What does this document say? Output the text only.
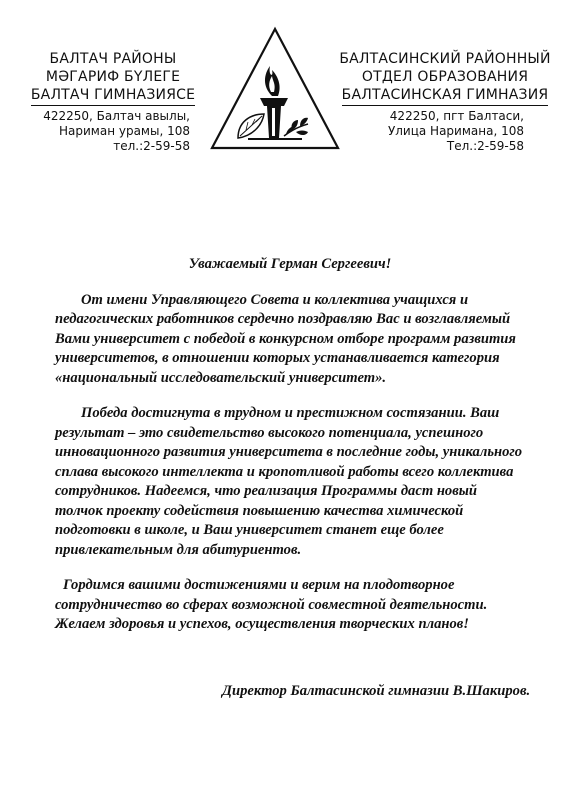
БАЛТАЧ РАЙОНЫ
МӘГАРИФ БҮЛЕГЕ
БАЛТАЧ ГИМНАЗИЯСЕ
422250, Балтач авылы,
Нариман урамы, 108
тел.:2-59-58
БАЛТАСИНСКИЙ РАЙОННЫЙ
ОТДЕЛ ОБРАЗОВАНИЯ
БАЛТАСИНСКАЯ ГИМНАЗИЯ
422250, пгт Балтаси,
Улица Наримана, 108
Тел.:2-59-58

Уважаемый Герман Сергеевич!

От имени Управляющего Совета и коллектива учащихся и педагогических работников сердечно поздравляю Вас и возглавляемый Вами университет с победой в конкурсном отборе программ развития университетов, в отношении которых устанавливается категория «национальный исследовательский университет».

Победа достигнута в трудном и престижном состязании. Ваш результат – это свидетельство высокого потенциала, успешного инновационного развития университета в последние годы, уникального сплава высокого интеллекта и кропотливой работы всего коллектива сотрудников. Надеемся, что реализация Программы даст новый толчок проекту содействия повышению качества химической подготовки в школе, и Ваш университет станет еще более привлекательным для абитуриентов.

Гордимся вашими достижениями и верим на плодотворное сотрудничество во сферах возможной совместной деятельности. Желаем здоровья и успехов, осуществления творческих планов!

Директор Балтасинской гимназии В.Шакиров.
